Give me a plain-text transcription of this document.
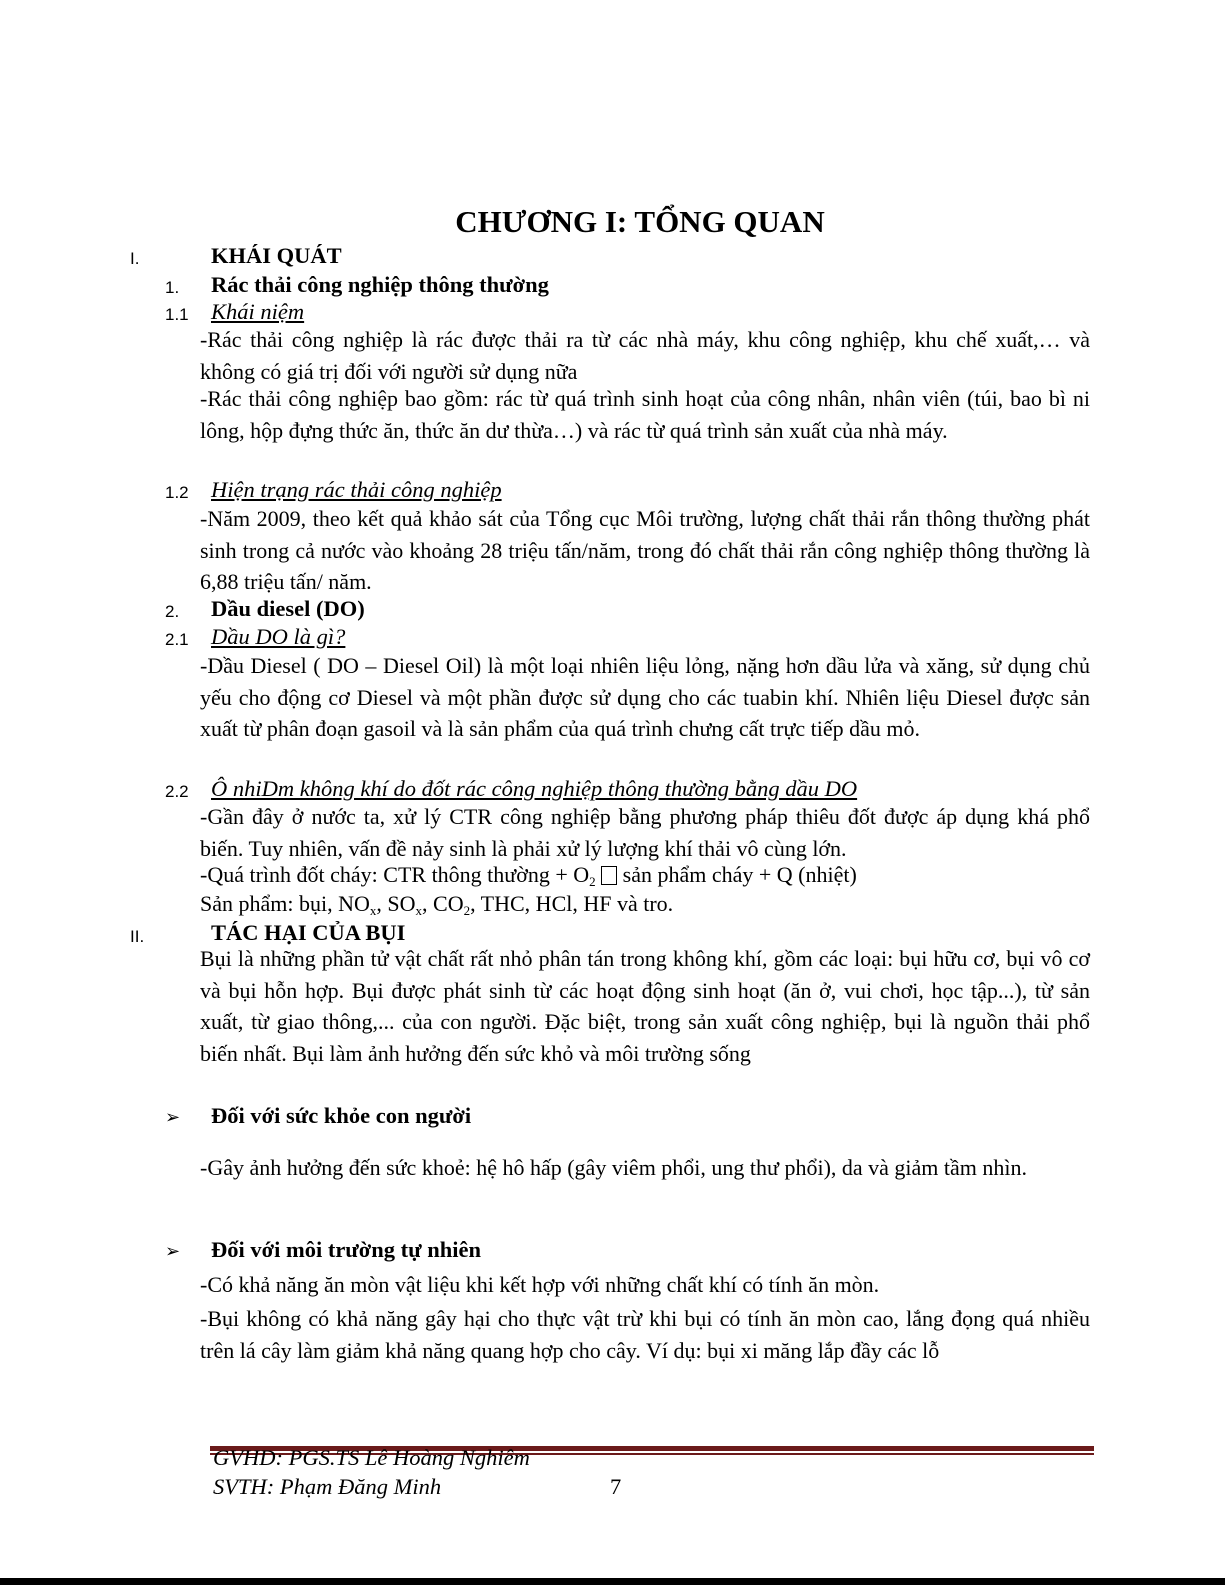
CHƯƠNG I: TỔNG QUAN
I.	KHÁI QUÁT
1. Rác thải công nghiệp thông thường
1.1 Khái niệm
-Rác thải công nghiệp là rác được thải ra từ các nhà máy, khu công nghiệp, khu chế xuất,… và không có giá trị đối với người sử dụng nữa
-Rác thải công nghiệp bao gồm: rác từ quá trình sinh hoạt của công nhân, nhân viên (túi, bao bì ni lông, hộp đựng thức ăn, thức ăn dư thừa…) và rác từ quá trình sản xuất của nhà máy.
1.2 Hiện trạng rác thải công nghiệp
-Năm 2009, theo kết quả khảo sát của Tổng cục Môi trường, lượng chất thải rắn thông thường phát sinh trong cả nước vào khoảng 28 triệu tấn/năm, trong đó chất thải rắn công nghiệp thông thường là 6,88 triệu tấn/ năm.
2. Dầu diesel (DO)
2.1 Dầu DO là gì?
-Dầu Diesel ( DO – Diesel Oil) là một loại nhiên liệu lỏng, nặng hơn dầu lửa và xăng, sử dụng chủ yếu cho động cơ Diesel và một phần được sử dụng cho các tuabin khí. Nhiên liệu Diesel được sản xuất từ phân đoạn gasoil và là sản phẩm của quá trình chưng cất trực tiếp dầu mỏ.
2.2 Ô nhiDm không khí do đốt rác công nghiệp thông thường bằng dầu DO
-Gần đây ở nước ta, xử lý CTR công nghiệp bằng phương pháp thiêu đốt được áp dụng khá phổ biến. Tuy nhiên, vấn đề nảy sinh là phải xử lý lượng khí thải vô cùng lớn.
-Quá trình đốt cháy: CTR thông thường + $O_2$  sản phẩm cháy + Q (nhiệt)
Sản phẩm: bụi, $NO_x$, $SO_x$, $CO_2$, THC, HCl, HF và tro.
II.	TÁC HẠI CỦA BỤI
Bụi là những phần tử vật chất rất nhỏ phân tán trong không khí, gồm các loại: bụi hữu cơ, bụi vô cơ và bụi hỗn hợp. Bụi được phát sinh từ các hoạt động sinh hoạt (ăn ở, vui chơi, học tập...), từ sản xuất, từ giao thông,... của con người. Đặc biệt, trong sản xuất công nghiệp, bụi là nguồn thải phổ biến nhất. Bụi làm ảnh hưởng đến sức khỏ và môi trường sống
➢ Đối với sức khỏe con người
-Gây ảnh hưởng đến sức khoẻ: hệ hô hấp (gây viêm phổi, ung thư phổi), da và giảm tầm nhìn.
➢ Đối với môi trường tự nhiên
-Có khả năng ăn mòn vật liệu khi kết hợp với những chất khí có tính ăn mòn.
-Bụi không có khả năng gây hại cho thực vật trừ khi bụi có tính ăn mòn cao, lắng đọng quá nhiều trên lá cây làm giảm khả năng quang hợp cho cây. Ví dụ: bụi xi măng lắp đầy các lỗ
GVHD: PGS.TS Lê Hoàng Nghiêm
SVTH: Phạm Đăng Minh	7
